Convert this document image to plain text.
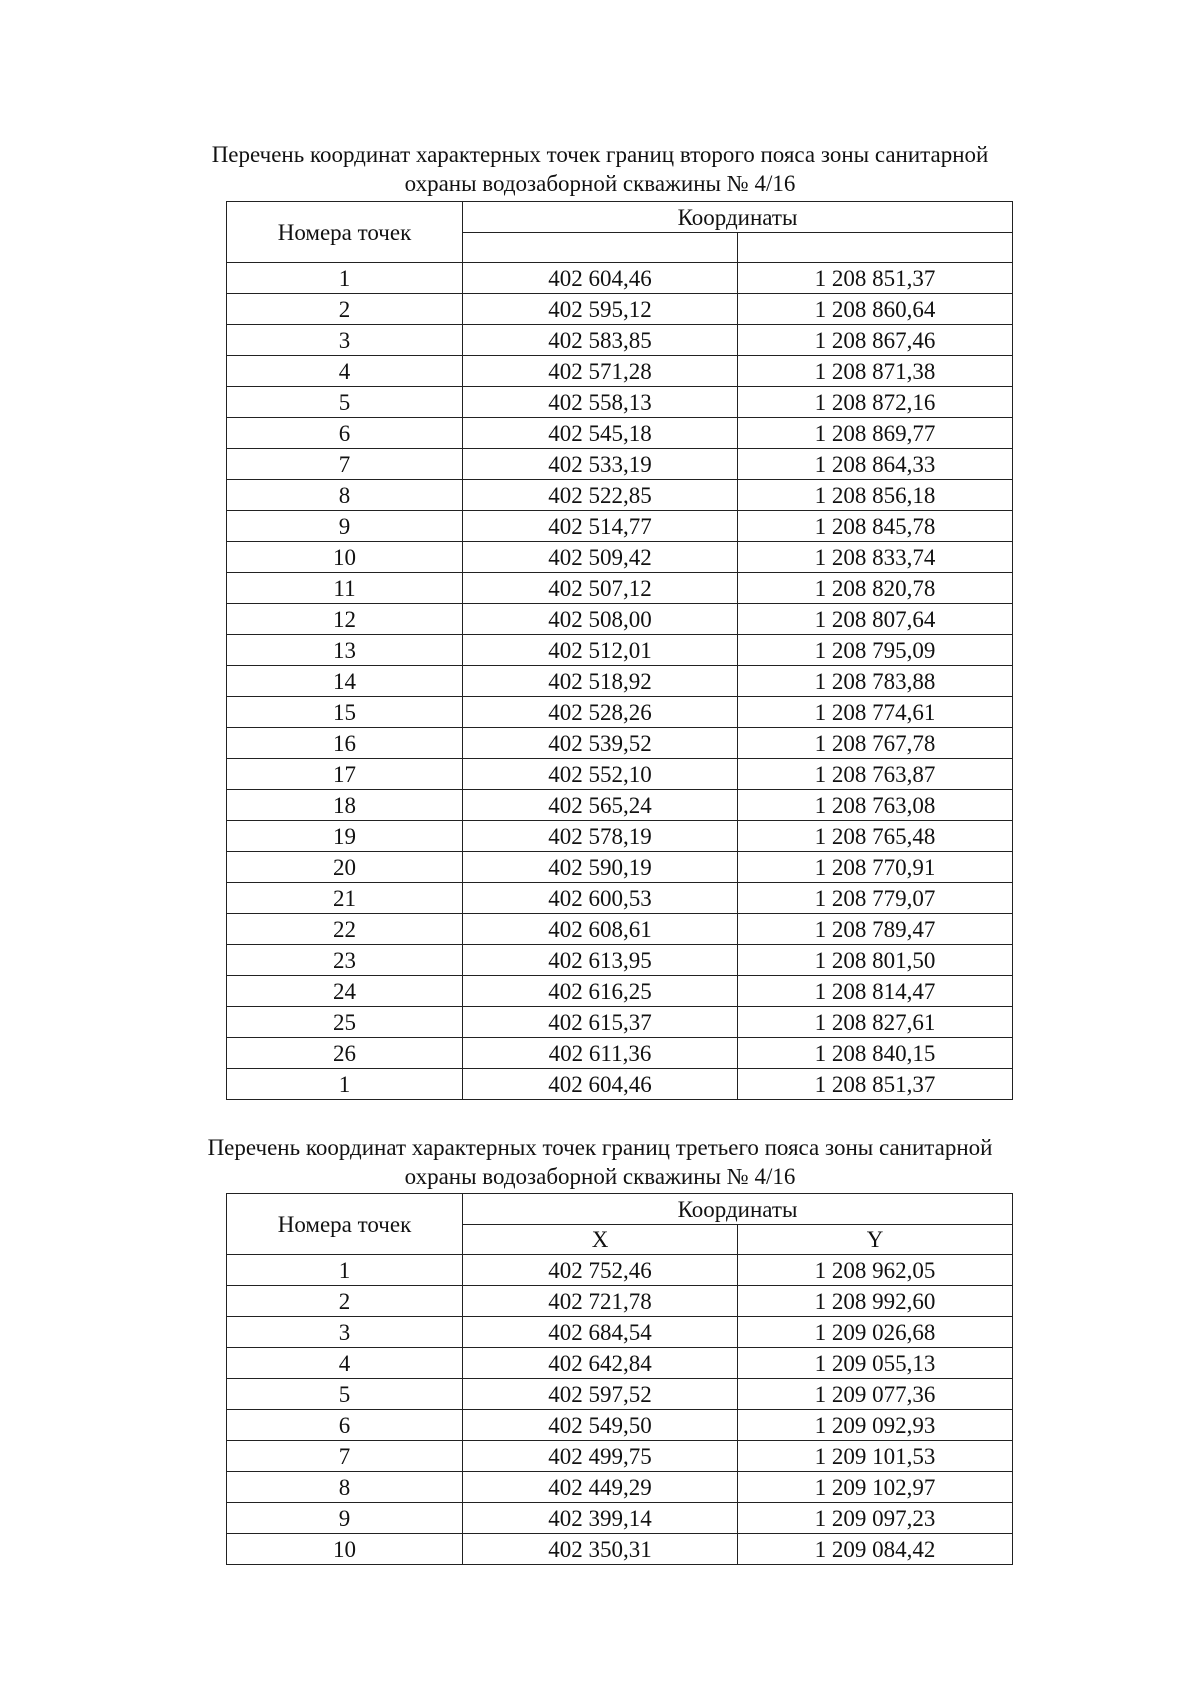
Перечень координат характерных точек границ второго пояса зоны санитарной
охраны водозаборной скважины № 4/16
Номера точек	Координаты	

1	402 604,46	1 208 851,37
2	402 595,12	1 208 860,64
3	402 583,85	1 208 867,46
4	402 571,28	1 208 871,38
5	402 558,13	1 208 872,16
6	402 545,18	1 208 869,77
7	402 533,19	1 208 864,33
8	402 522,85	1 208 856,18
9	402 514,77	1 208 845,78
10	402 509,42	1 208 833,74
11	402 507,12	1 208 820,78
12	402 508,00	1 208 807,64
13	402 512,01	1 208 795,09
14	402 518,92	1 208 783,88
15	402 528,26	1 208 774,61
16	402 539,52	1 208 767,78
17	402 552,10	1 208 763,87
18	402 565,24	1 208 763,08
19	402 578,19	1 208 765,48
20	402 590,19	1 208 770,91
21	402 600,53	1 208 779,07
22	402 608,61	1 208 789,47
23	402 613,95	1 208 801,50
24	402 616,25	1 208 814,47
25	402 615,37	1 208 827,61
26	402 611,36	1 208 840,15
1	402 604,46	1 208 851,37
Перечень координат характерных точек границ третьего пояса зоны санитарной
охраны водозаборной скважины № 4/16
Номера точек	Координаты	
	X	Y
1	402 752,46	1 208 962,05
2	402 721,78	1 208 992,60
3	402 684,54	1 209 026,68
4	402 642,84	1 209 055,13
5	402 597,52	1 209 077,36
6	402 549,50	1 209 092,93
7	402 499,75	1 209 101,53
8	402 449,29	1 209 102,97
9	402 399,14	1 209 097,23
10	402 350,31	1 209 084,42
